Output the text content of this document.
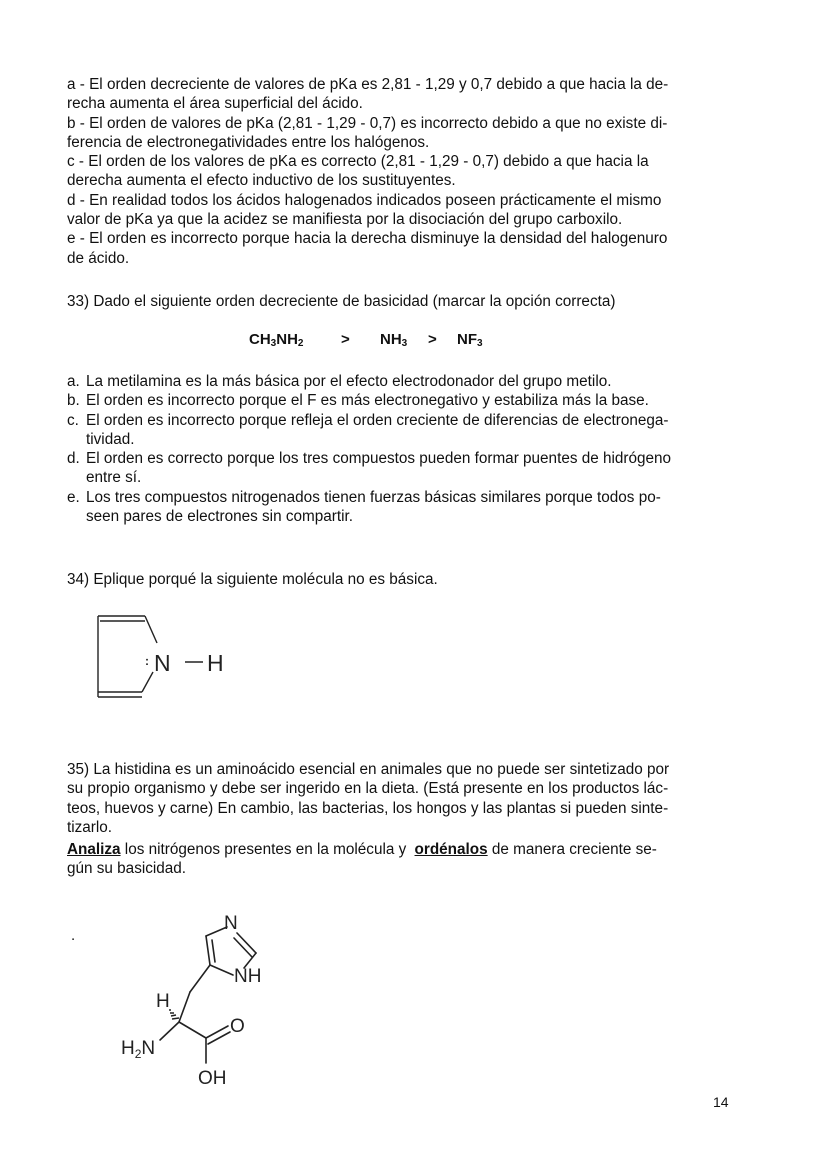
a - El orden decreciente de valores de pKa es 2,81 - 1,29 y 0,7 debido a que hacia la de-
recha aumenta el área superficial del ácido.
b - El orden de valores de pKa (2,81 - 1,29 - 0,7) es incorrecto debido a que no existe di-
ferencia de electronegatividades entre los halógenos.
c - El orden de los valores de pKa es correcto (2,81 - 1,29 - 0,7) debido a que hacia la
derecha aumenta el efecto inductivo de los sustituyentes.
d - En realidad todos los ácidos halogenados indicados poseen prácticamente el mismo
valor de pKa ya que la acidez se manifiesta por la disociación del grupo carboxilo.
e - El orden es incorrecto porque hacia la derecha disminuye la densidad del halogenuro
de ácido.

33) Dado el siguiente orden decreciente de basicidad (marcar la opción correcta)

$CH_3NH_2$	> $NH_3 > NF_3$
a. La metilamina es la más básica por el efecto electrodonador del grupo metilo.
b. El orden es incorrecto porque el F es más electronegativo y estabiliza más la base.
c. El orden es incorrecto porque refleja el orden creciente de diferencias de electronega-
tividad.
d. El orden es correcto porque los tres compuestos pueden formar puentes de hidrógeno
entre sí.
e. Los tres compuestos nitrogenados tienen fuerzas básicas similares porque todos po-
seen pares de electrones sin compartir.

34) Eplique porqué la siguiente molécula no es básica.

: N H
35) La histidina es un aminoácido esencial en animales que no puede ser sintetizado por
su propio organismo y debe ser ingerido en la dieta. (Está presente en los productos lác-
teos, huevos y carne) En cambio, las bacterias, los hongos y las plantas si pueden sinte-
tizarlo.
Analiza los nitrógenos presentes en la molécula y ordénalos de manera creciente se-
gún su basicidad.
.
N
NH
H
$H_2N$
O
OH
14
